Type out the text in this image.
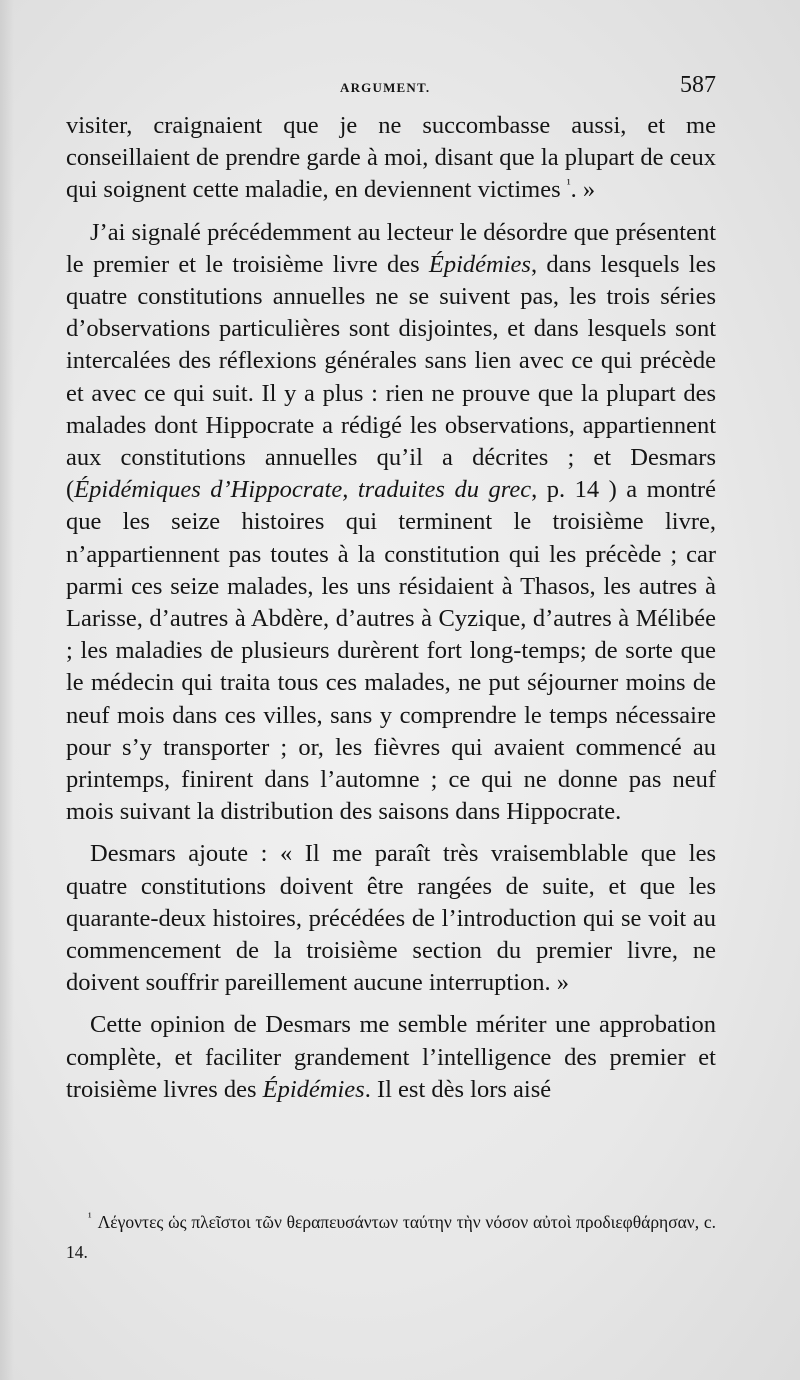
ARGUMENT.	587

visiter, craignaient que je ne succombasse aussi, et me conseillaient de prendre garde à moi, disant que la plupart de ceux qui soignent cette maladie, en deviennent victimes $^{^1}$. »

J’ai signalé précédemment au lecteur le désordre que présentent le premier et le troisième livre des Épidémies, dans lesquels les quatre constitutions annuelles ne se suivent pas, les trois séries d’observations particulières sont disjointes, et dans lesquels sont intercalées des réflexions générales sans lien avec ce qui précède et avec ce qui suit. Il y a plus : rien ne prouve que la plupart des malades dont Hippocrate a rédigé les observations, appartiennent aux constitutions annuelles qu’il a décrites ; et Desmars (Épidémiques d’Hippocrate, traduites du grec, p. 14 ) a montré que les seize histoires qui terminent le troisième livre, n’appartiennent pas toutes à la constitution qui les précède ; car parmi ces seize malades, les uns résidaient à Thasos, les autres à Larisse, d’autres à Abdère, d’autres à Cyzique, d’autres à Mélibée ; les maladies de plusieurs durèrent fort long-temps; de sorte que le médecin qui traita tous ces malades, ne put séjourner moins de neuf mois dans ces villes, sans y comprendre le temps nécessaire pour s’y transporter ; or, les fièvres qui avaient commencé au printemps, finirent dans l’automne ; ce qui ne donne pas neuf mois suivant la distribution des saisons dans Hippocrate.

Desmars ajoute : « Il me paraît très vraisemblable que les quatre constitutions doivent être rangées de suite, et que les quarante-deux histoires, précédées de l’introduction qui se voit au commencement de la troisième section du premier livre, ne doivent souffrir pareillement aucune interruption. »

Cette opinion de Desmars me semble mériter une approbation complète, et faciliter grandement l’intelligence des premier et troisième livres des Épidémies. Il est dès lors aisé

$^{^1}$ Λέγοντες ὡς πλεῖστοι τῶν θεραπευσάντων ταύτην τὴν νόσον αὐτοὶ προδιεφθάρησαν, c. 14.
